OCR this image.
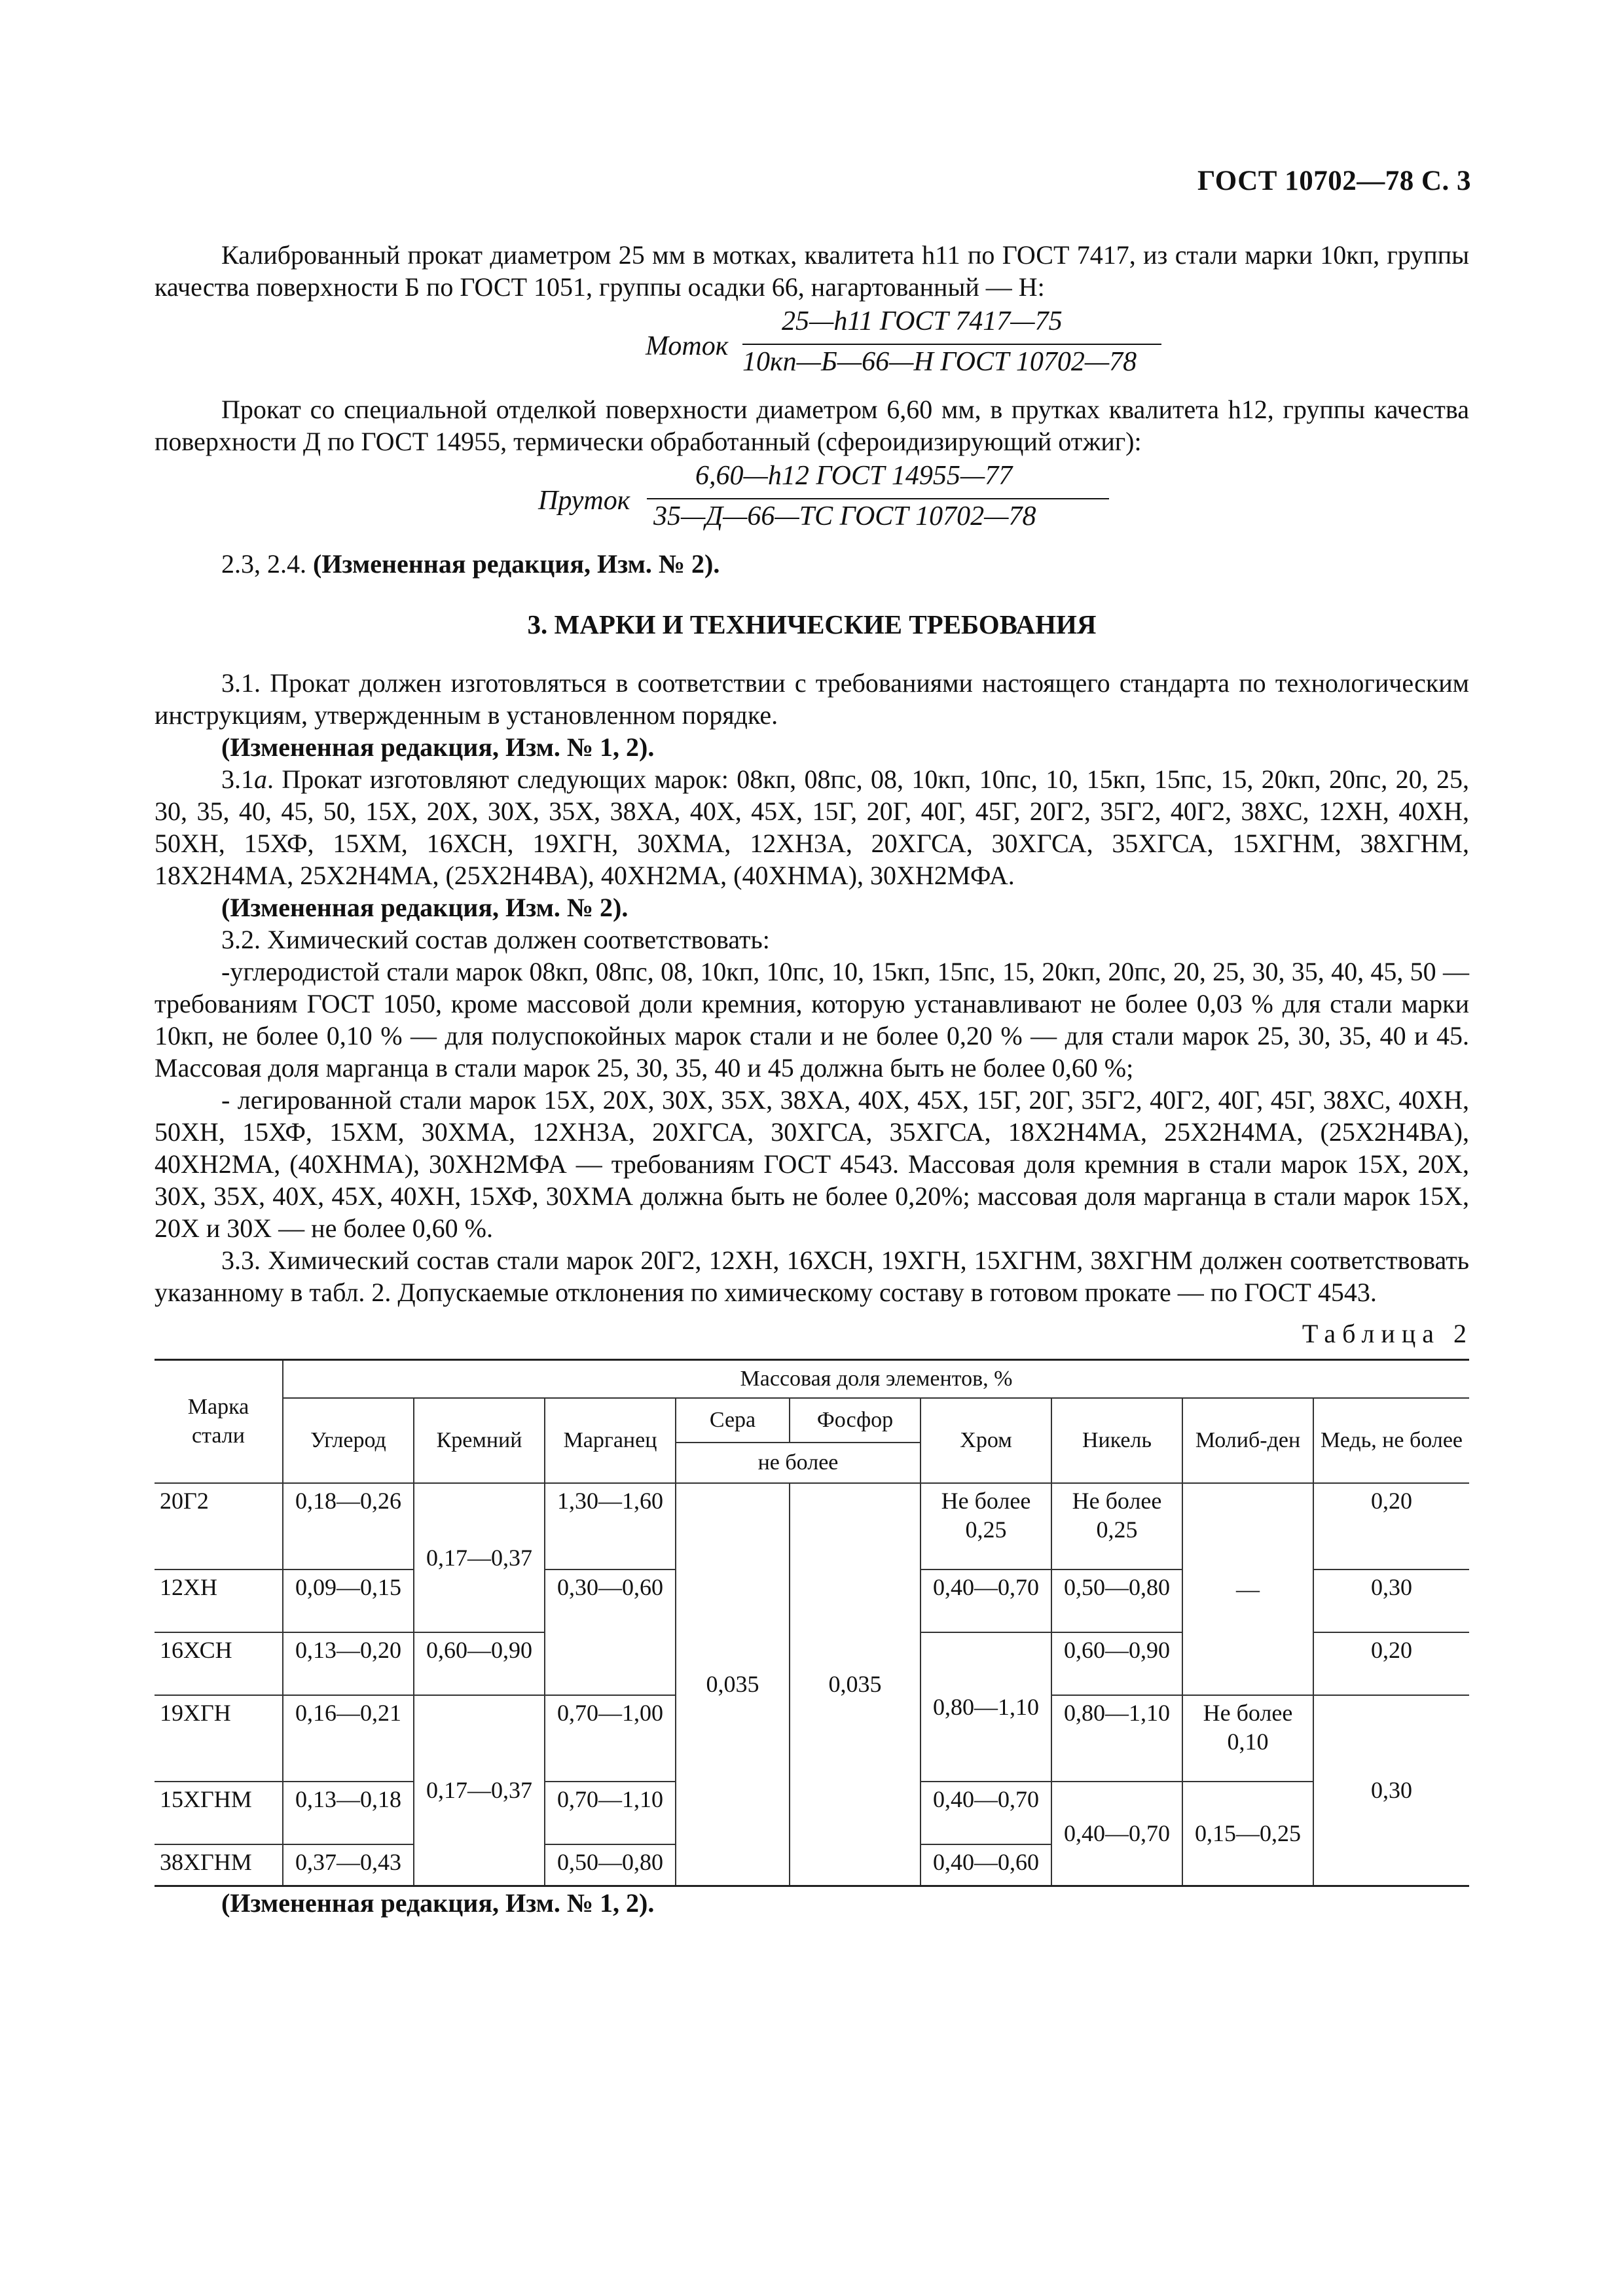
ГОСТ 10702—78 С. 3

Калиброванный прокат диаметром 25 мм в мотках, квалитета h11 по ГОСТ 7417, из стали марки 10кп, группы качества поверхности Б по ГОСТ 1051, группы осадки 66, нагартованный — Н:

Моток
25—h11 ГОСТ 7417—75
10кп—Б—66—Н ГОСТ 10702—78

Прокат со специальной отделкой поверхности диаметром 6,60 мм, в прутках квалитета h12, группы качества поверхности Д по ГОСТ 14955, термически обработанный (сфероидизирующий отжиг):

Пруток
6,60—h12 ГОСТ 14955—77
35—Д—66—ТС ГОСТ 10702—78

2.3, 2.4. (Измененная редакция, Изм. № 2).

3. МАРКИ И ТЕХНИЧЕСКИЕ ТРЕБОВАНИЯ

3.1. Прокат должен изготовляться в соответствии с требованиями настоящего стандарта по технологическим инструкциям, утвержденным в установленном порядке.

(Измененная редакция, Изм. № 1, 2).

3.1а. Прокат изготовляют следующих марок: 08кп, 08пс, 08, 10кп, 10пс, 10, 15кп, 15пс, 15, 20кп, 20пс, 20, 25, 30, 35, 40, 45, 50, 15Х, 20Х, 30Х, 35Х, 38ХА, 40Х, 45Х, 15Г, 20Г, 40Г, 45Г, 20Г2, 35Г2, 40Г2, 38ХС, 12ХН, 40ХН, 50ХН, 15ХФ, 15ХМ, 16ХСН, 19ХГН, 30ХМА, 12ХН3А, 20ХГСА, 30ХГСА, 35ХГСА, 15ХГНМ, 38ХГНМ, 18Х2Н4МА, 25Х2Н4МА, (25Х2Н4ВА), 40ХН2МА, (40ХНМА), 30ХН2МФА.

(Измененная редакция, Изм. № 2).

3.2. Химический состав должен соответствовать:

-углеродистой стали марок 08кп, 08пс, 08, 10кп, 10пс, 10, 15кп, 15пс, 15, 20кп, 20пс, 20, 25, 30, 35, 40, 45, 50 — требованиям ГОСТ 1050, кроме массовой доли кремния, которую устанавливают не более 0,03 % для стали марки 10кп, не более 0,10 % — для полуспокойных марок стали и не более 0,20 % — для стали марок 25, 30, 35, 40 и 45. Массовая доля марганца в стали марок 25, 30, 35, 40 и 45 должна быть не более 0,60 %;

- легированной стали марок 15Х, 20Х, 30Х, 35Х, 38ХА, 40Х, 45Х, 15Г, 20Г, 35Г2, 40Г2, 40Г, 45Г, 38ХС, 40ХН, 50ХН, 15ХФ, 15ХМ, 30ХМА, 12ХН3А, 20ХГСА, 30ХГСА, 35ХГСА, 18Х2Н4МА, 25Х2Н4МА, (25Х2Н4ВА), 40ХН2МА, (40ХНМА), 30ХН2МФА — требованиям ГОСТ 4543. Массовая доля кремния в стали марок 15Х, 20Х, 30Х, 35Х, 40Х, 45Х, 40ХН, 15ХФ, 30ХМА должна быть не более 0,20%; массовая доля марганца в стали марок 15Х, 20Х и 30Х — не более 0,60 %.

3.3. Химический состав стали марок 20Г2, 12ХН, 16ХСН, 19ХГН, 15ХГНМ, 38ХГНМ должен соответствовать указанному в табл. 2. Допускаемые отклонения по химическому составу в готовом прокате — по ГОСТ 4543.

Таблица 2
Марка стали	Массовая доля элементов, %								
	Углерод	Кремний	Марганец	Сера	Фосфор	Хром	Никель	Молиб-ден	Медь, не более
				не более					
20Г2	0,18—0,26	0,17—0,37	1,30—1,60	0,035	0,035	Не более 0,25	Не более 0,25	—	0,20
12ХН	0,09—0,15		0,30—0,60			0,40—0,70	0,50—0,80		0,30
16ХСН	0,13—0,20	0,60—0,90				0,80—1,10	0,60—0,90		0,20
19ХГН	0,16—0,21	0,17—0,37	0,70—1,00				0,80—1,10	Не более 0,10	0,30
15ХГНМ	0,13—0,18		0,70—1,10			0,40—0,70	0,40—0,70	0,15—0,25	
38ХГНМ	0,37—0,43		0,50—0,80			0,40—0,60			

(Измененная редакция, Изм. № 1, 2).
